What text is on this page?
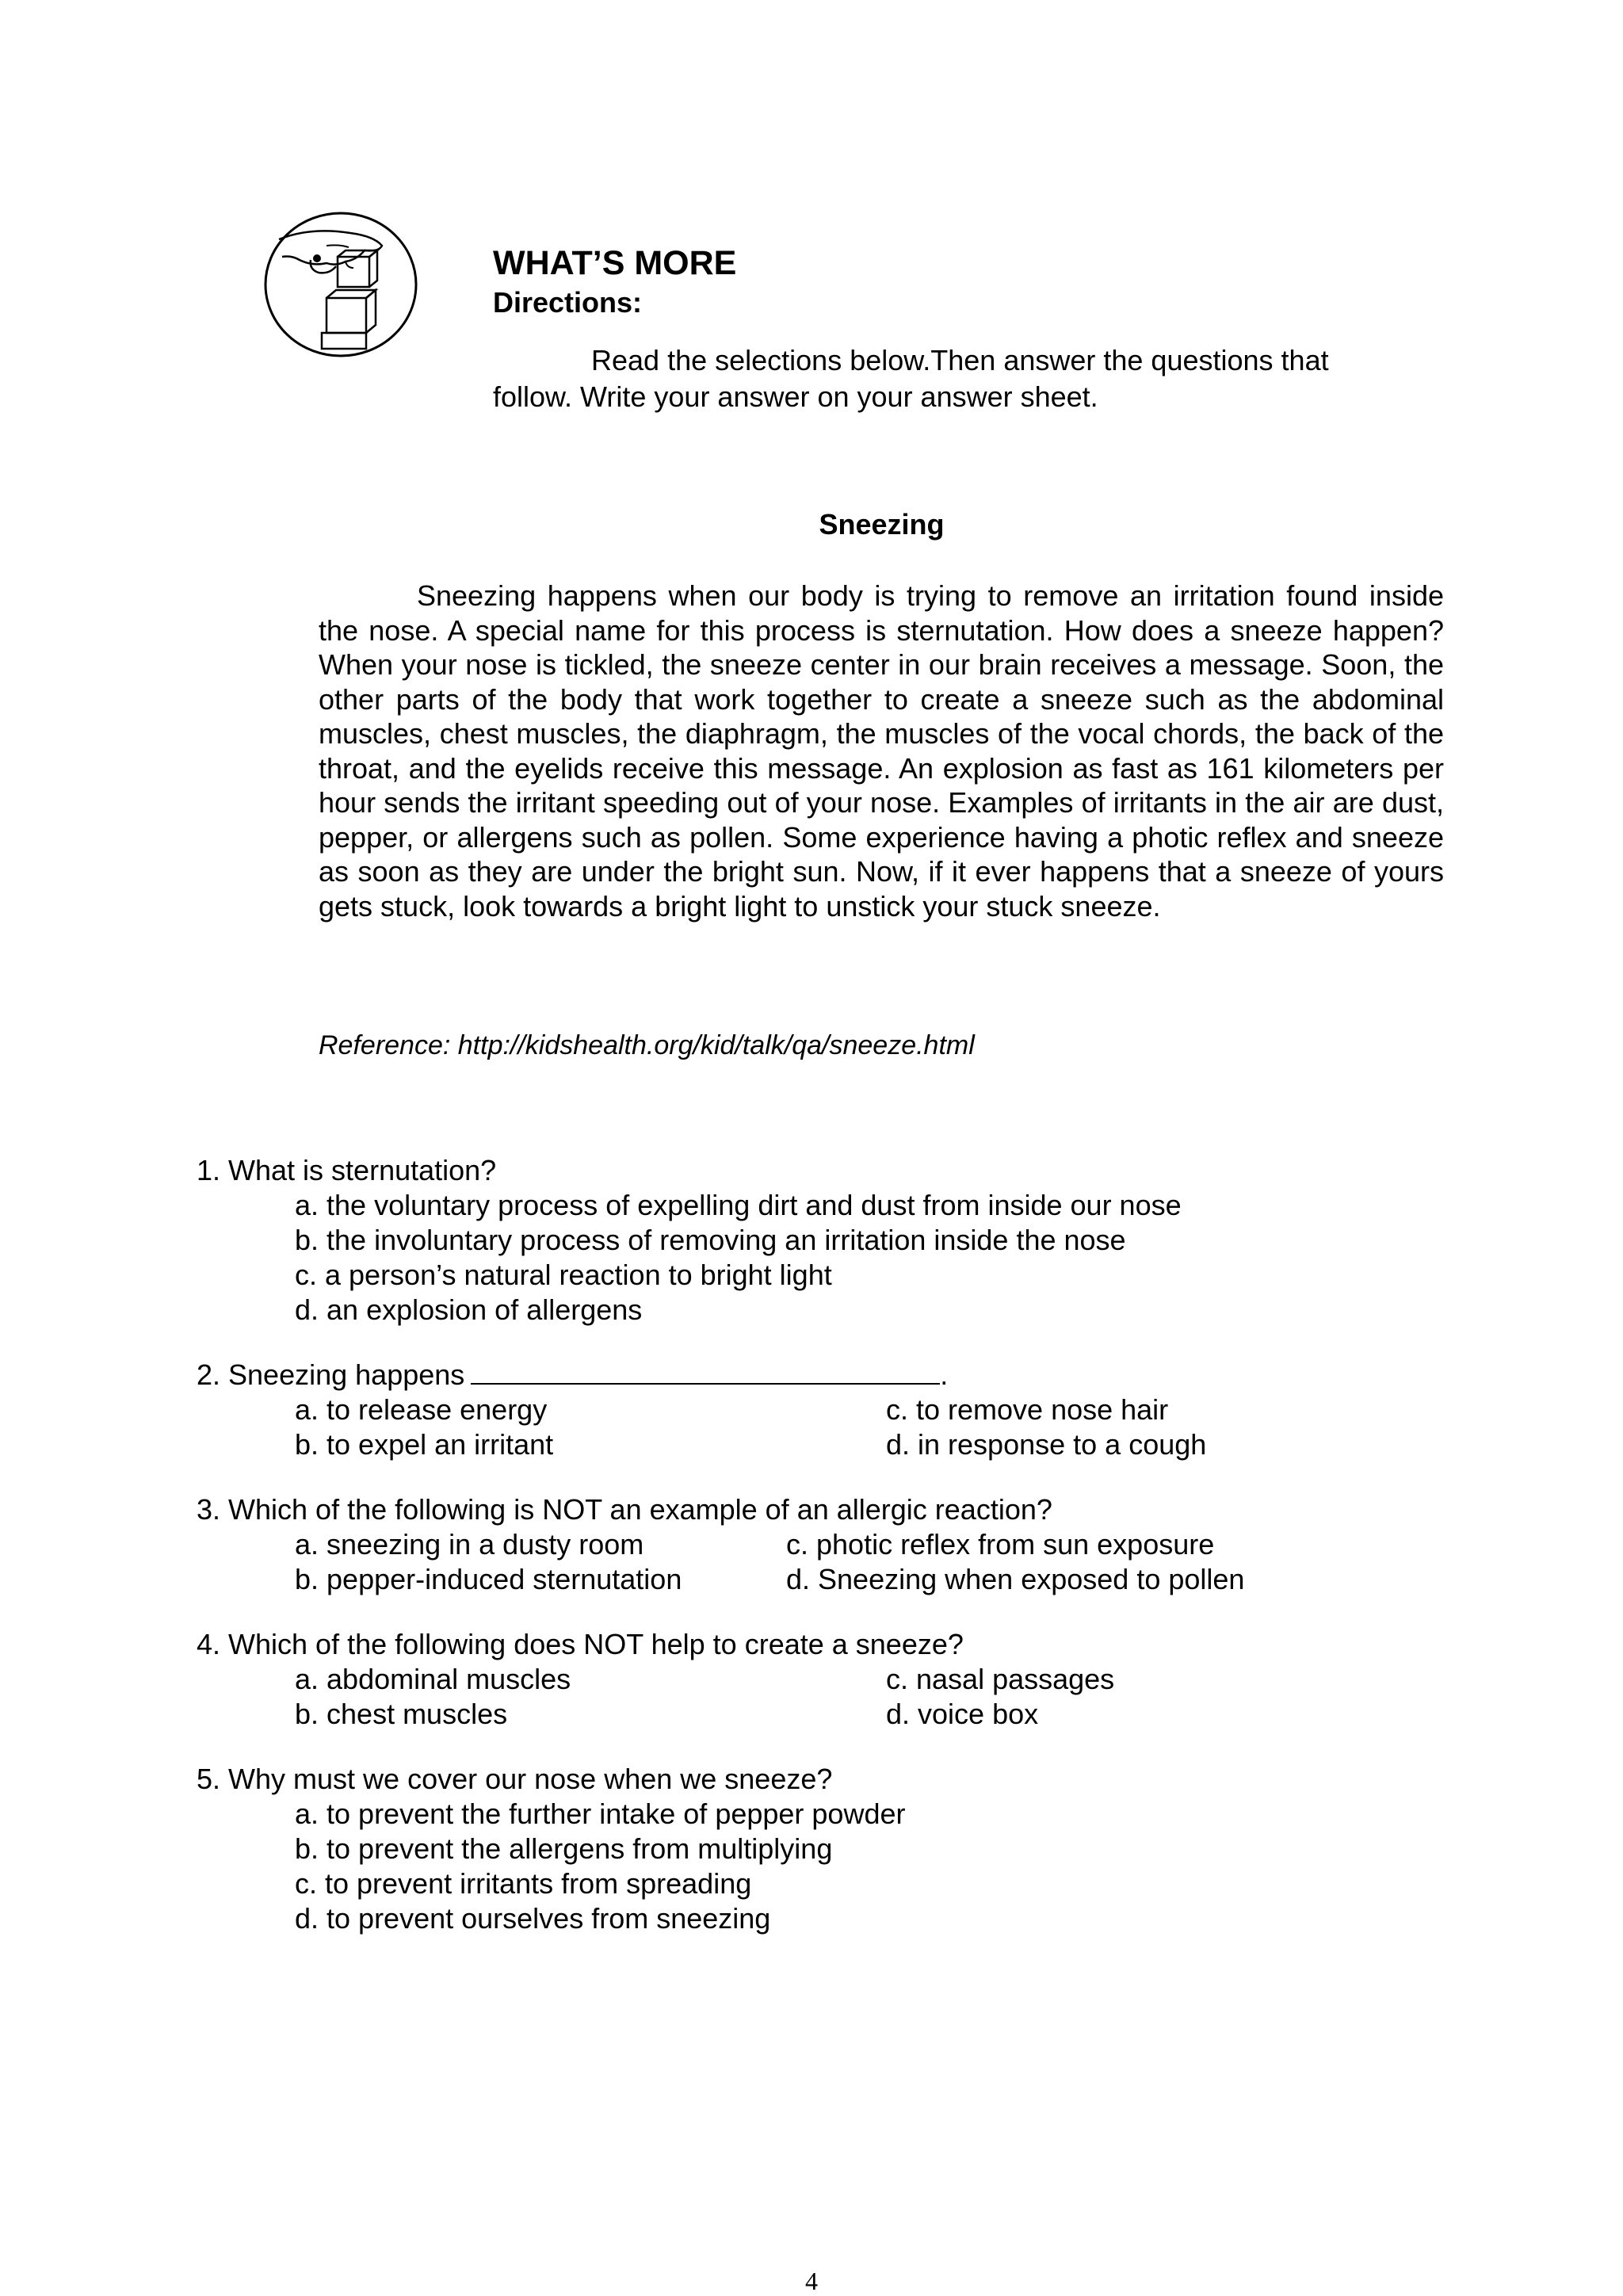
WHAT’S MORE
Directions:

Read the selections below.Then answer the questions that follow. Write your answer on your answer sheet.

Sneezing

Sneezing happens when our body is trying to remove an irritation found inside the nose. A special name for this process is sternutation. How does a sneeze happen? When your nose is tickled, the sneeze center in our brain receives a message. Soon, the other parts of the body that work together to create a sneeze such as the abdominal muscles, chest muscles, the diaphragm, the muscles of the vocal chords, the back of the throat, and the eyelids receive this message. An explosion as fast as 161 kilometers per hour sends the irritant speeding out of your nose. Examples of irritants in the air are dust, pepper, or allergens such as pollen. Some experience having a photic reflex and sneeze as soon as they are under the bright sun. Now, if it ever happens that a sneeze of yours gets stuck, look towards a bright light to unstick your stuck sneeze.

Reference: http://kidshealth.org/kid/talk/qa/sneeze.html
1. What is sternutation?
a. the voluntary process of expelling dirt and dust from inside our nose
b. the involuntary process of removing an irritation inside the nose
c. a person’s natural reaction to bright light
d. an explosion of allergens
2. Sneezing happens	.
a. to release energy	c. to remove nose hair
b. to expel an irritant	d. in response to a cough
3. Which of the following is NOT an example of an allergic reaction?
a. sneezing in a dusty room	c. photic reflex from sun exposure
b. pepper-induced sternutation	d. Sneezing when exposed to pollen
4. Which of the following does NOT help to create a sneeze?
a. abdominal muscles	c. nasal passages
b. chest muscles	d. voice box
5. Why must we cover our nose when we sneeze?
a. to prevent the further intake of pepper powder
b. to prevent the allergens from multiplying
c. to prevent irritants from spreading
d. to prevent ourselves from sneezing
4
